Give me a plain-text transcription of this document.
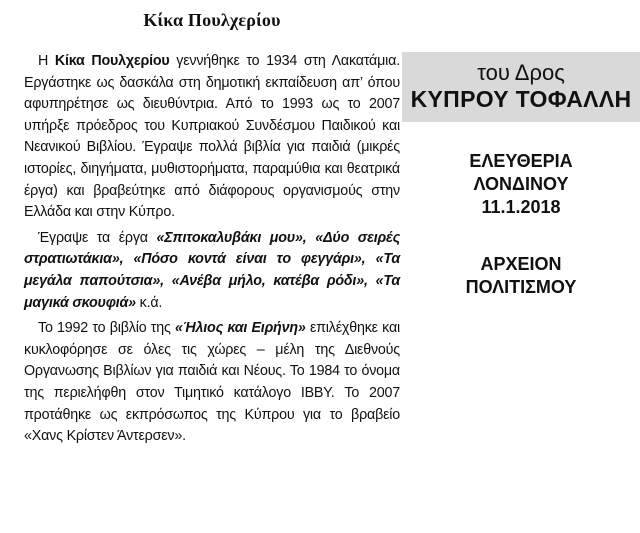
Κίκα Πουλχερίου

Η Κίκα Πουλχερίου γεννήθηκε το 1934 στη Λακατάμια. Εργάστηκε ως δασκάλα στη δημοτική εκπαίδευση απ’ όπου αφυπηρέτησε ως διευθύντρια. Από το 1993 ως το 2007 υπήρξε πρόεδρος του Κυπριακού Συνδέσμου Παιδικού και Νεανικού Βιβλίου. Έγραψε πολλά βιβλία για παιδιά (μικρές ιστορίες, διηγήματα, μυθιστορήματα, παραμύθια και θεατρικά έργα) και βραβεύτηκε από διάφορους οργανισμούς στην Ελλάδα και στην Κύπρο.

Έγραψε τα έργα «Σπιτοκαλυβάκι μου», «Δύο σειρές στρατιωτάκια», «Πόσο κοντά είναι το φεγγάρι», «Τα μεγάλα παπούτσια», «Ανέβα μήλο, κατέβα ρόδι», «Τα μαγικά σκουφιά» κ.ά.

Το 1992 το βιβλίο της «Ήλιος και Ειρήνη» επιλέχθηκε και κυκλοφόρησε σε όλες τις χώρες – μέλη της Διεθνούς Οργανωσης Βιβλίων για παιδιά και Νέους. Το 1984 το όνομα της περιελήφθη στον Τιμητικό κατάλογο IBBY. Το 2007 προτάθηκε ως εκπρόσωπος της Κύπρου για το βραβείο «Χανς Κρίστεν Άντερσεν».

του Δρος
ΚΥΠΡΟΥ ΤΟΦΑΛΛΗ
ΕΛΕΥΘΕΡΙΑ
ΛΟΝΔΙΝΟΥ
11.1.2018
ΑΡΧΕΙΟΝ
ΠΟΛΙΤΙΣΜΟΥ
